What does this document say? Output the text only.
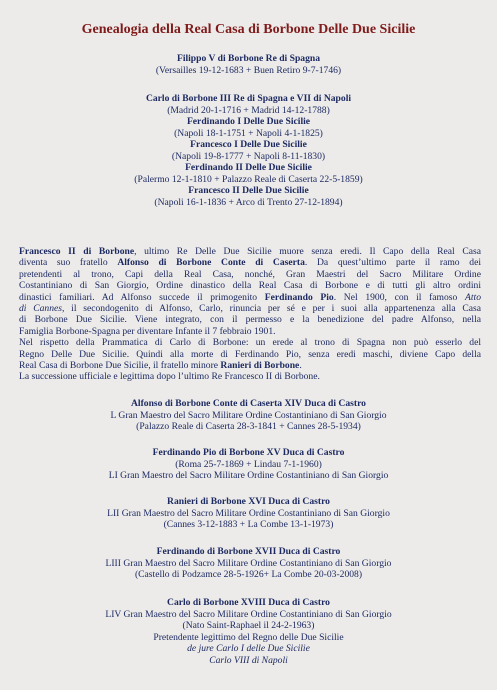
Genealogia della Real Casa di Borbone Delle Due Sicilie
Filippo V di Borbone Re di Spagna
(Versailles 19-12-1683 + Buen Retiro 9-7-1746)
Carlo di Borbone III Re di Spagna e VII di Napoli
(Madrid 20-1-1716 + Madrid 14-12-1788)
Ferdinando I Delle Due Sicilie
(Napoli 18-1-1751 + Napoli 4-1-1825)
Francesco I Delle Due Sicilie
(Napoli 19-8-1777 + Napoli 8-11-1830)
Ferdinando II Delle Due Sicilie
(Palermo 12-1-1810 + Palazzo Reale di Caserta 22-5-1859)
Francesco II Delle Due Sicilie
(Napoli 16-1-1836 + Arco di Trento 27-12-1894)
Francesco II di Borbone, ultimo Re Delle Due Sicilie muore senza eredi. Il Capo della Real Casa
diventa suo fratello Alfonso di Borbone Conte di Caserta. Da quest’ultimo parte il ramo dei
pretendenti al trono, Capi della Real Casa, nonché, Gran Maestri del Sacro Militare Ordine
Costantiniano di San Giorgio, Ordine dinastico della Real Casa di Borbone e di tutti gli altro ordini
dinastici familiari. Ad Alfonso succede il primogenito Ferdinando Pio. Nel 1900, con il famoso Atto
di Cannes, il secondogenito di Alfonso, Carlo, rinuncia per sé e per i suoi alla appartenenza alla Casa
di Borbone Due Sicilie. Viene integrato, con il permesso e la benedizione del padre Alfonso, nella
Famiglia Borbone-Spagna per diventare Infante il 7 febbraio 1901.
Nel rispetto della Prammatica di Carlo di Borbone: un erede al trono di Spagna non può esserlo del
Regno Delle Due Sicilie. Quindi alla morte di Ferdinando Pio, senza eredi maschi, diviene Capo della
Real Casa di Borbone Due Sicilie, il fratello minore Ranieri di Borbone.
La successione ufficiale e legittima dopo l’ultimo Re Francesco II di Borbone.
Alfonso di Borbone Conte di Caserta XIV Duca di Castro
L Gran Maestro del Sacro Militare Ordine Costantiniano di San Giorgio
(Palazzo Reale di Caserta 28-3-1841 + Cannes 28-5-1934)
Ferdinando Pio di Borbone XV Duca di Castro
(Roma 25-7-1869 + Lindau 7-1-1960)
LI Gran Maestro del Sacro Militare Ordine Costantiniano di San Giorgio
Ranieri di Borbone XVI Duca di Castro
LII Gran Maestro del Sacro Militare Ordine Costantiniano di San Giorgio
(Cannes 3-12-1883 + La Combe 13-1-1973)
Ferdinando di Borbone XVII Duca di Castro
LIII Gran Maestro del Sacro Militare Ordine Costantiniano di San Giorgio
(Castello di Podzamce 28-5-1926+ La Combe 20-03-2008)
Carlo di Borbone XVIII Duca di Castro
LIV Gran Maestro del Sacro Militare Ordine Costantiniano di San Giorgio
(Nato Saint-Raphael il 24-2-1963)
Pretendente legittimo del Regno delle Due Sicilie
de jure Carlo I delle Due Sicilie
Carlo VIII di Napoli
